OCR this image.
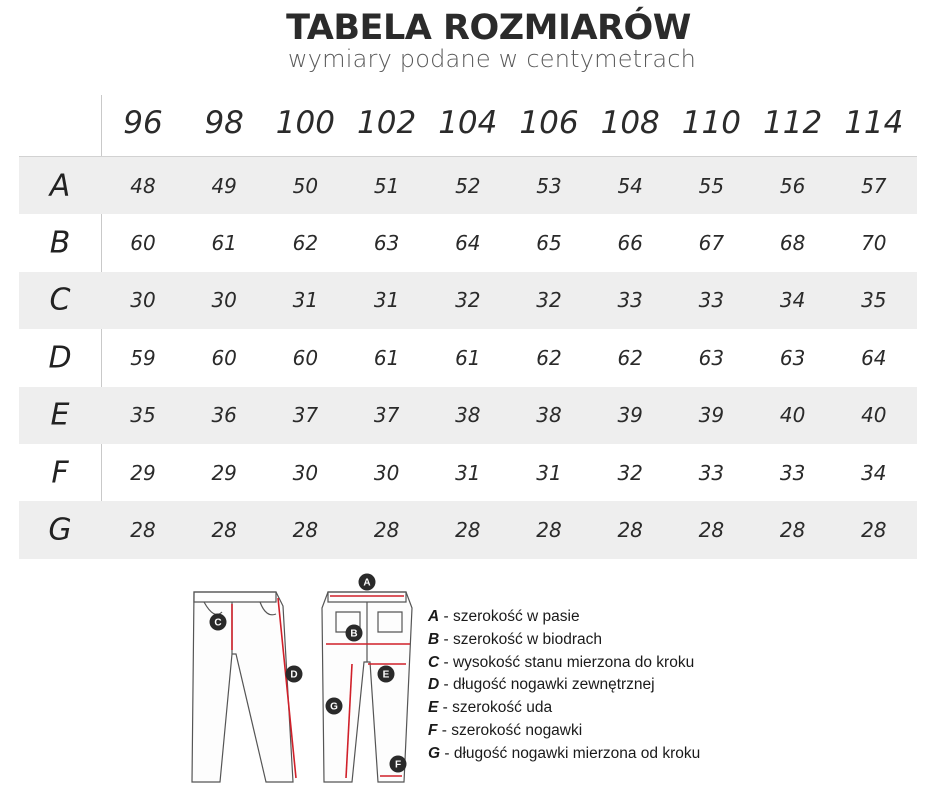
TABELA ROZMIARÓW
wymiary podane w centymetrach
96 98 100 102 104 106 108 110 112 114
A	48	49	50	51	52	53	54	55	56	57
B	60	61	62	63	64	65	66	67	68	70
C	30	30	31	31	32	32	33	33	34	35
D	59	60	60	61	61	62	62	63	63	64
E	35	36	37	37	38	38	39	39	40	40
F	29	29	30	30	31	31	32	33	33	34
G	28	28	28	28	28	28	28	28	28	28
A
B
C
D	E
F
G
A - szerokość w pasie
B - szerokość w biodrach
C - wysokość stanu mierzona do kroku
D - długość nogawki zewnętrznej
E - szerokość uda
F - szerokość nogawki
G - długość nogawki mierzona od kroku
